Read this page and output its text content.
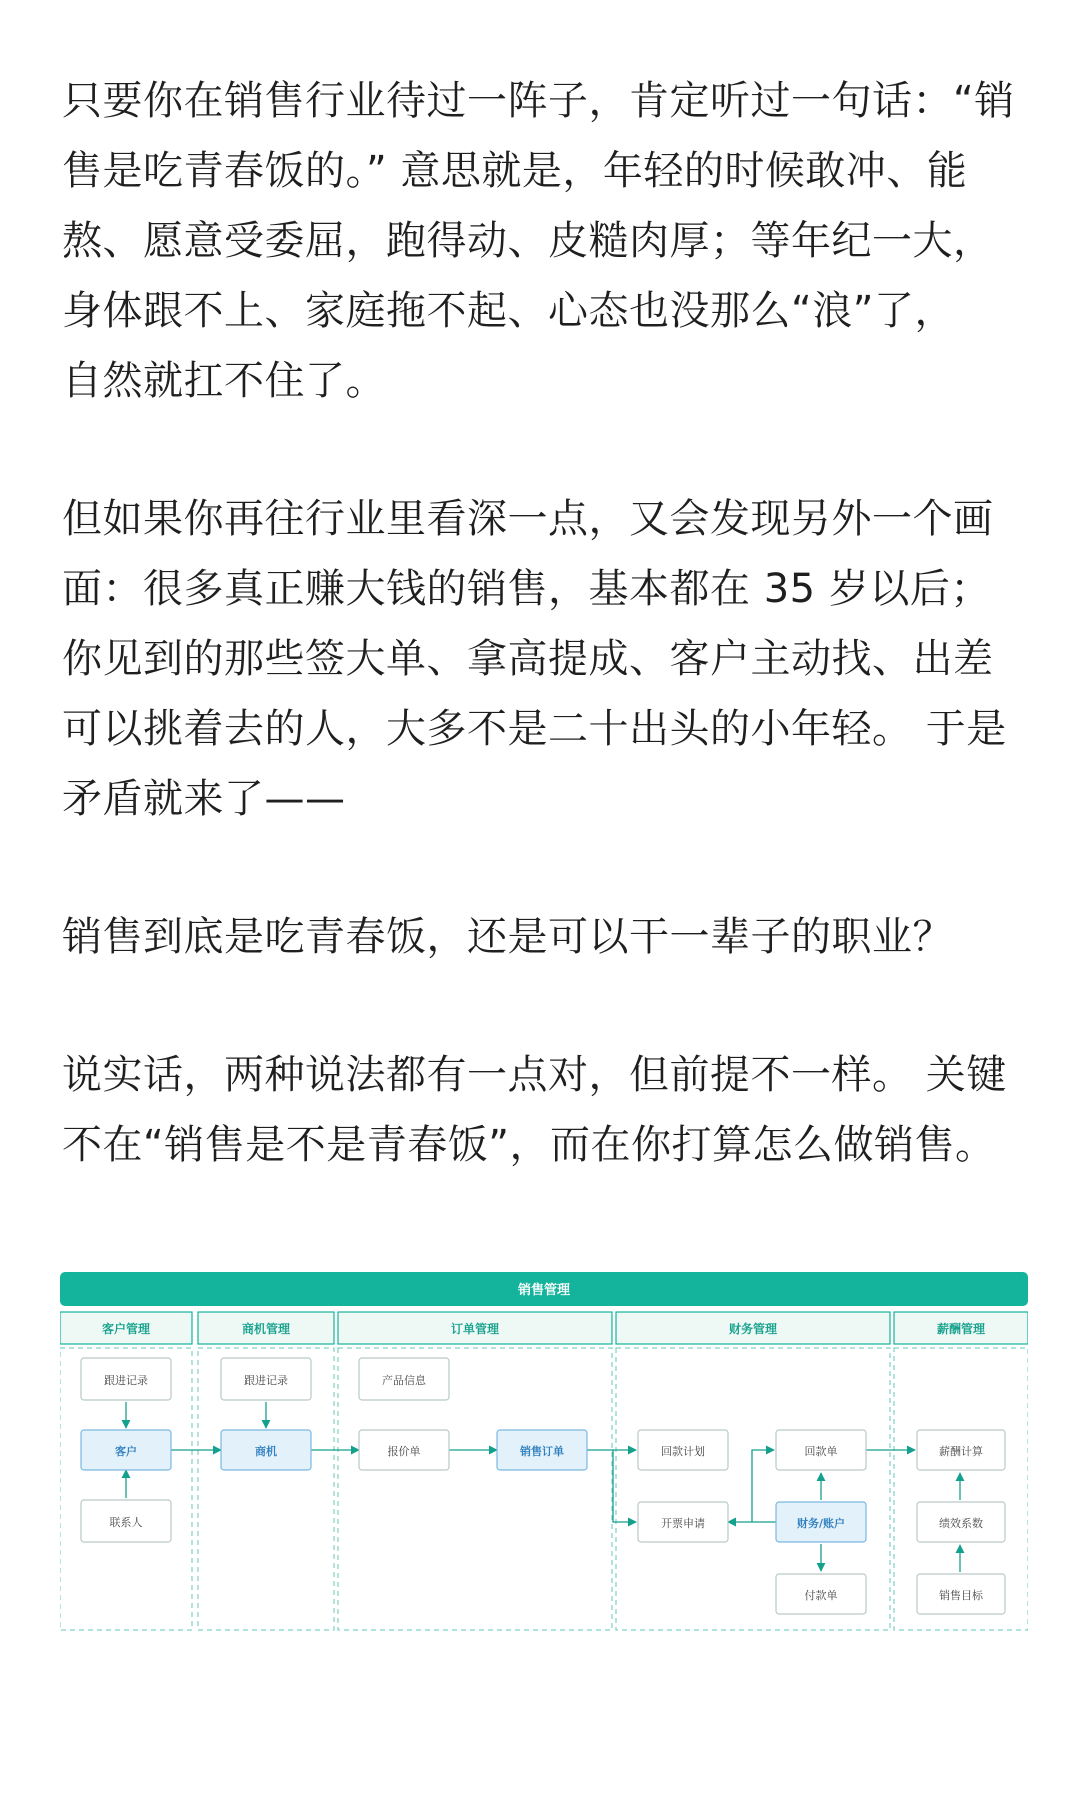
只要你在销售行业待过一阵子，肯定听过一句话：“销
售是吃青春饭的。” 意思就是，年轻的时候敢冲、能
熬、愿意受委屈，跑得动、皮糙肉厚；等年纪一大，
身体跟不上、家庭拖不起、心态也没那么“浪”了，
自然就扛不住了。

但如果你再往行业里看深一点，又会发现另外一个画
面：很多真正赚大钱的销售，基本都在 35 岁以后；
你见到的那些签大单、拿高提成、客户主动找、出差
可以挑着去的人，大多不是二十出头的小年轻。 于是
矛盾就来了——

销售到底是吃青春饭，还是可以干一辈子的职业？

说实话，两种说法都有一点对，但前提不一样。 关键
不在“销售是不是青春饭”，而在你打算怎么做销售。

销售管理
客户管理	商机管理	订单管理	财务管理	薪酬管理
跟进记录
客户
联系人
跟进记录
商机
产品信息
报价单	销售订单	回款计划
开票申请
回款单
财务/账户
付款单
薪酬计算
绩效系数
销售目标
